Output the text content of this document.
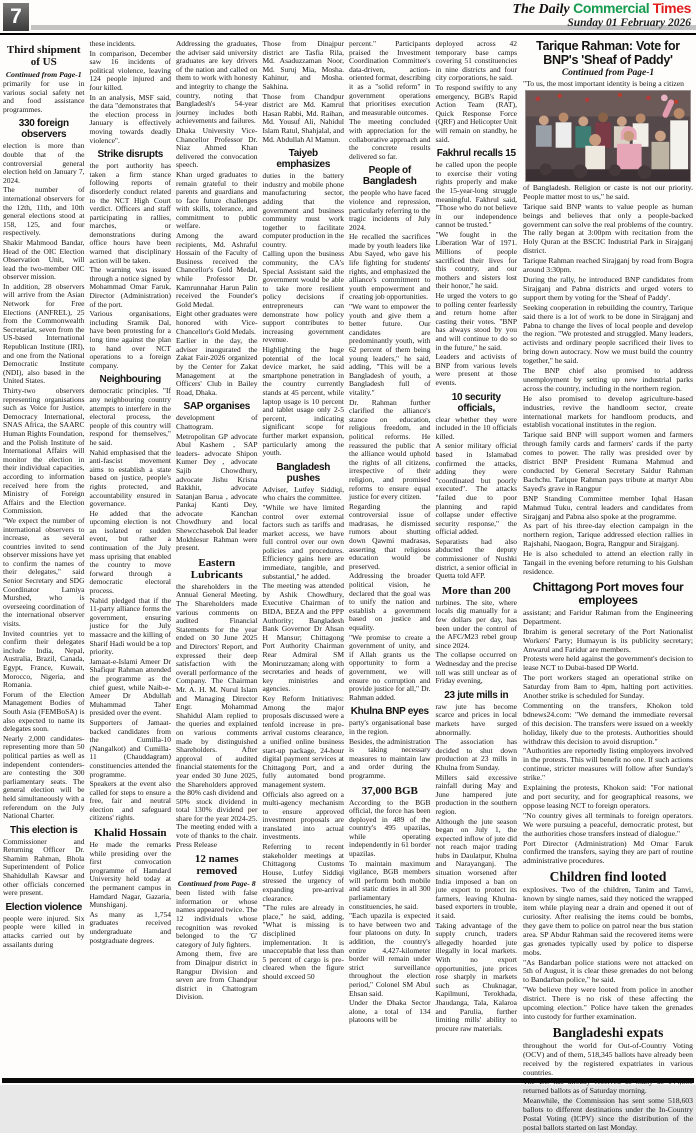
7	The Daily Commercial Times
Sunday 01 February 2026
Third shipment of US
Continued from Page-1

primarily for use in various social safety net and food assistance programmes.

330 foreign observers

election is more than double that of the controversial general election held on January 7, 2024.

The number of international observers for the 12th, 11th, and 10th general elections stood at 158, 125, and four respectively.

Shakir Mahmood Bandar, Head of the OIC Election Observation Unit, will lead the two-member OIC observer mission.

In addition, 28 observers will arrive from the Asian Network for Free Elections (ANFREL), 25 from the Commonwealth Secretariat, seven from the US-based International Republican Institute (IRI), and one from the National Democratic Institute (NDI), also based in the United States.

Thirty-two observers representing organisations such as Voice for Justice, Democracy International, SNAS Africa, the SAARC Human Rights Foundation, and the Polish Institute of International Affairs will monitor the election in their individual capacities, according to information received here from the Ministry of Foreign Affairs and the Election Commission.

"We expect the number of international observers to increase, as several countries invited to send observer missions have yet to confirm the names of their delegates," said Senior Secretary and SDG Coordinator Lamiya Murshed, who is overseeing coordination of the international observer visits.

Invited countries yet to confirm their delegates include India, Nepal, Australia, Brazil, Canada, Egypt, France, Kuwait, Morocco, Nigeria, and Romania.

Forum of the Election Management Bodies of South Asia (FEMBoSA) is also expected to name its delegates soon.

Nearly 2,000 candidates-representing more than 50 political parties as well as independent contenders-are contesting the 300 parliamentary seats. The general election will be held simultaneously with a referendum on the July National Charter.

This election is

Commissioner and Returning Officer Dr. Shamim Rahman, Bhola Superintendent of Police Shahidullah Kawsar and other officials concerned were present.

Election violence

people were injured. Six people were killed in attacks carried out by assailants during

these incidents.

In comparison, December saw 16 incidents of political violence, leaving 124 people injured and four killed.

In an analysis, MSF said, the data "demonstrates that the election process in January is effectively moving towards deadly violence".

Strike disrupts

the port authority has taken a firm stance following reports of disorderly conduct related to the NCT High Court verdict. Officers and staff participating in rallies, marches, or demonstrations during office hours have been warned that disciplinary action will be taken.

The warning was issued through a notice signed by Mohammad Omar Faruk, Director (Administration) of the port.

Various organisations, including Sramik Dal, have been protesting for a long time against the plan to hand over NCT operations to a foreign company.

Neighbouring

democratic principles. "If any neighbouring country attempts to interfere in the electoral process, the people of this country will respond for themselves," he said.

Nahid emphasised that the anti-fascist movement aims to establish a state based on justice, people's rights protected, and accountability ensured in governance.

He added that the upcoming election is not an isolated or sudden event, but rather a continuation of the July mass uprising that enabled the country to move forward through a democratic electoral process.

Nahid pledged that if the 11-party alliance forms the government, ensuring justice for the July massacre and the killing of Sharif Hadi would be a top priority.

Jamaat-e-Islami Ameer Dr Shafiqur Rahman attended the programme as the chief guest, while Naib-e-Ameer Dr Abdullah Muhammad Taher presided over the event.

Supporters of Jamaat-backed candidates from the Cumilla-10 (Nangalkot) and Cumilla-11 (Chauddagram) constituencies attended the programme.

Speakers at the event also called for steps to ensure a free, fair and neutral election and safeguard citizens' rights.

Khalid Hossain

He made the remarks while presiding over the first convocation programme of Hamdard University held today at the permanent campus in Hamdard Nagar, Gazaria, Munshiganj.

As many as 1,754 graduates received undergraduate and postgraduate degrees.

Addressing the graduates, the adviser said university graduates are key drivers of the nation and called on them to work with honesty and integrity to change the country, noting that Bangladesh's 54-year journey includes both achievements and failures.

Dhaka University Vice-Chancellor Professor Dr. Niaz Ahmed Khan delivered the convocation speech.

Khan urged graduates to remain grateful to their parents and guardians and to face future challenges with skills, tolerance, and commitment to public welfare.

Among the award recipients, Md. Ashraful Hossain of the Faculty of Business received the Chancellor's Gold Medal, while Professor Dr. Kamrunnahar Harun Palin received the Founder's Gold Medal.

Eight other graduates were honored with Vice-Chancellor's Gold Medals.

Earlier in the day, the adviser inaugurated the Zakat Fair-2026 organized by the Center for Zakat Management at the Officers' Club in Bailey Road, Dhaka.

SAP organises

development of Chattogram.

Metropolitan GP advocate Abul Kashem , SAP leaders- advocate Shipon Kumer Dey , advocate Sajib Chowdhury, advocate Jishu Krisna Rakkhit, advocate Satanjan Barua , advocate Pankaj Kanti Dey, advocate Kanchan Chowdhury and local Shewcchasebok Dal leader Mokhlesur Rahman were present.

Eastern Lubricants

the shareholders in the Annual General Meeting. The Shareholders made various comments on audited Financial Statements for the year ended on 30 June 2025 and Directors' Report, and expressed their deep satisfaction with the overall performance of the Company. The Chairman Mr. A. H. M. Nurul Islam and Managing Director Engr. Mohammad Shahidul Alam replied to the queries and explained on various comments made by distinguished Shareholders. After approval of audited financial statements for the year ended 30 June 2025, the Shareholders approved the 80% cash dividend and 50% stock dividend in total 130% dividend per share for the year 2024-25. The meeting ended with a vote of thanks to the chair. Press Release

12 names removed
Continued from Page- 8

been listed with false information or whose names appeared twice. The 12 individuals whose recognition was revoked belonged to the 'G' category of July fighters.

Among them, five are from Dinajpur district in Rangpur Division and seven are from Chandpur district in Chattogram Division.

Those from Dinajpur district are Tasfia Rila, Md. Asaduzzaman Noor, Md. Suruj Mia, Mosha. Kahinur, and Mosha. Sakhina.

Those from Chandpur district are Md. Kamrul Hasan Rabbi, Md. Raihan, Md. Yousuf Ali, Nahidul Islam Ratul, Shahjalal, and Md. Abdullah Al Mamun.

Taiyeb emphasizes

duties in the battery industry and mobile phone manufacturing sector, adding that the government and business community must work together to facilitate computer production in the country.

Calling upon the business community, the CA's Special Assistant said the government would be able to take more resilient policy decisions if entrepreneurs can demonstrate how policy support contributes to increasing government revenue.

Highlighting the huge potential of the local device market, he said smartphone penetration in the country currently stands at 45 percent, while laptop usage is 10 percent and tablet usage only 2-5 percent, indicating significant scope for further market expansion, particularly among the youth.

Bangladesh pushes

Adviser, Lutfey Siddiqi, who chairs the committee.

"While we have limited control over external factors such as tariffs and market access, we have full control over our own policies and procedures. Efficiency gains here are immediate, tangible, and substantial," he added.

The meeting was attended by Ashik Chowdhury, Executive Chairman of BIDA, BEZA and the PPP Authority; Bangladesh Bank Governor Dr Ahsan H Mansur; Chittagong Port Authority Chairman Rear Admiral SM Moniruzzaman; along with secretaries and heads of key ministries and agencies.

Key Reform Initiatives: Among the major proposals discussed were a tenfold increase in pre-arrival customs clearance, a unified online business start-up package, 24-hour digital payment services at Chittagong Port, and a fully automated bond management system.

Officials also agreed on a multi-agency mechanism to ensure approved investment proposals are translated into actual investments.

Referring to recent stakeholder meetings at Chittagong Customs House, Lutfey Siddiqi stressed the urgency of expanding pre-arrival clearance.

"The rules are already in place," he said, adding, "What is missing is disciplined implementation. It is unacceptable that less than 5 percent of cargo is pre-cleared when the figure should exceed 50

percent." Participants praised the Investment Coordination Committee's data-driven, action-oriented format, describing it as a "solid reform" in government operations that prioritises execution and measurable outcomes.

The meeting concluded with appreciation for the collaborative approach and the concrete results delivered so far.

People of Bangladesh

the people who have faced violence and repression, particularly referring to the tragic incidents of July 2024.

He recalled the sacrifices made by youth leaders like Abu Sayed, who gave his life fighting for students' rights, and emphasized the alliance's commitment to youth empowerment and creating job opportunities.

"We want to empower the youth and give them a better future. Our candidates are predominantly youth, with 62 percent of them being young leaders," he said, adding, "This will be a Bangladesh of youth, a Bangladesh full of vitality."

Dr. Rahman further clarified the alliance's stance on education, religious freedom, and political reforms. He reassured the public that the alliance would uphold the rights of all citizens, irrespective of their religion, and promised reforms to ensure equal justice for every citizen.

Regarding the controversial issue of madrasas, he dismissed rumors about shutting down Qawmi madrasas, asserting that religious education would be preserved.

Addressing the broader political vision, he declared that the goal was to unify the nation and establish a government based on justice and equality.

"We promise to create a government of unity, and if Allah grants us the opportunity to form a government, we will ensure no corruption and provide justice for all," Dr. Rahman added.

Khulna BNP eyes

party's organisational base in the region.

Besides, the administration is taking necessary measures to maintain law and order during the programme.

37,000 BGB

According to the BGB official, the force has been deployed in 489 of the country's 495 upazilas, while operating independently in 61 border upazilas.

To maintain maximum vigilance, BGB members will perform both mobile and static duties in all 300 parliamentary constituencies, he said.

"Each upazila is expected to have between two and four platoons on duty. In addition, the country's entire 4,427-kilometer border will remain under strict surveillance throughout the election period," Colonel SM Abul Ehsan said.

Under the Dhaka Sector alone, a total of 134 platoons will be

deployed across 42 temporary base camps covering 51 constituencies in nine districts and four city corporations, he said.

To respond swiftly to any emergency, BGB's Rapid Action Team (RAT), Quick Response Force (QRF) and Helicopter Unit will remain on standby, he said.

Fakhrul recalls 15

he called upon the people to exercise their voting rights properly and make the 15-year-long struggle meaningful. Fakhrul said, "Those who do not believe in our independence cannot be trusted."

"We fought in the Liberation War of 1971. Millions of people sacrificed their lives for this country, and our mothers and sisters lost their honor," he said.

He urged the voters to go to polling center fearlessly and return home after casting their votes. "BNP has always stood by you and will continue to do so in the future," he said.

Leaders and activists of BNP from various levels were present at those events.

10 security officials,

clear whether they were included in the 10 officials killed.

A senior military official based in Islamabad confirmed the attacks, adding they were "coordinated but poorly executed". The attacks "failed due to poor planning and rapid collapse under effective security response," the official added.

Separatists had also abducted the deputy commissioner of Nushki district, a senior official in Quetta told AFP.

More than 200

turbines. The site, where locals dig manually for a few dollars per day, has been under the control of the AFC/M23 rebel group since 2024.

The collapse occurred on Wednesday and the precise toll was still unclear as of Friday evening,

23 jute mills in

raw jute has become scarce and prices in local markets have surged abnormally.

The association has decided to shut down production at 23 mills in Khulna from Sunday.

Millers said excessive rainfall during May and June hampered jute production in the southern region.

Although the jute season began on July 1, the expected inflow of jute did not reach major trading hubs in Daulatpur, Khulna and Narayanganj. The situation worsened after India imposed a ban on jute export to protect its farmers, leaving Khulna-based exporters in trouble, it said.

Taking advantage of the supply crunch, traders allegedly hoarded jute illegally in local markets. With no export opportunities, jute prices rose sharply in markets such as Chuknagar, Kapilmuni, Terokhada, Jhaudanga, Tala, Kalaroa and Parulia, further limiting mills' ability to procure raw materials.

Tarique Rahman: Vote for BNP's 'Sheaf of Paddy'
Continued from Page-1

"To us, the most important identity is being a citizen

of Bangladesh. Religion or caste is not our priority. People matter most to us," he said.

Tarique said BNP wants to value people as human beings and believes that only a people-backed government can solve the real problems of the country. The rally began at 3:00pm with recitation from the Holy Quran at the BSCIC Industrial Park in Sirajganj district.

Tarique Rahman reached Sirajganj by road from Bogra around 3:30pm.

During the rally, he introduced BNP candidates from Sirajganj and Pabna districts and urged voters to support them by voting for the 'Sheaf of Paddy'.

Seeking cooperation in rebuilding the country, Tarique said there is a lot of work to be done in Sirajganj and Pabna to change the lives of local people and develop the region. "We protested and struggled. Many leaders, activists and ordinary people sacrificed their lives to bring down autocracy. Now we must build the country together," he said.

The BNP chief also promised to address unemployment by setting up new industrial parks across the country, including in the northern region.

He also promised to develop agriculture-based industries, revive the handloom sector, create international markets for handloom products, and establish vocational institutes in the region.

Tarique said BNP will support women and farmers through family cards and farmers' cards if the party comes to power. The rally was presided over by district BNP President Rumana Mahmud and conducted by General Secretary Saidur Rahman Bachchu. Tarique Rahman pays tribute at martyr Abu Sayed's grave in Rangpur

BNP Standing Committee member Iqbal Hasan Mahmud Tuku, central leaders and candidates from Sirajganj and Pabna also spoke at the programme.

As part of his three-day election campaign in the northern region, Tarique addressed election rallies in Rajshahi, Naogaon, Bogra, Rangpur and Sirajganj.

He is also scheduled to attend an election rally in Tangail in the evening before returning to his Gulshan residence.

Chittagong Port moves four employees

assistant; and Faridur Rahman from the Engineering Department.

Ibrahim is general secretary of the Port Nationalist Workers' Party; Humayun is its publicity secretary; Anwarul and Faridur are members.

Protests were held against the government's decision to lease NCT to Dubai-based DP World.

The port workers staged an operational strike on Saturday from 8am to 4pm, halting port activities. Another strike is scheduled for Sunday.

Commenting on the transfers, Khokon told bdnews24.com: "We demand the immediate reversal of this decision. The transfers were issued on a weekly holiday, likely due to the protests. Authorities should withdraw this decision to avoid disruption."

"Authorities are reportedly listing employees involved in the protests. This will benefit no one. If such actions continue, stricter measures will follow after Sunday's strike."

Explaining the protests, Khokon said: "For national and port security, and for geographical reasons, we oppose leasing NCT to foreign operators.

"No country gives all terminals to foreign operators. We were pursuing a peaceful, democratic protest, but the authorities chose transfers instead of dialogue."

Port Director (Administration) Md Omar Faruk confirmed the transfers, saying they are part of routine administrative procedures.

Children find looted

explosives. Two of the children, Tanim and Tanvi, known by single names, said they noticed the wrapped item while playing near a drain and opened it out of curiosity. After realising the items could be bombs, they gave them to police on patrol near the bus station area. SP Abdur Rahman said the recovered items were gas grenades typically used by police to disperse mobs.

"As Bandarban police stations were not attacked on 5th of August, it is clear these grenades do not belong to Bandarban police," he said.

"We believe they were looted from police in another district. There is no risk of these affecting the upcoming election." Police have taken the grenades into custody for further examination.

Bangladeshi expats

throughout the world for Out-of-Country Voting (OCV) and of them, 518,345 ballots have already been received by the registered expatriates in various countries.

returned ballots as of Saturday morning.

Meanwhile, the Commission has sent some 518,603 ballots to different destinations under the In-Country Postal Voting (ICPV) since the distribution of the postal ballots started on last Monday.
